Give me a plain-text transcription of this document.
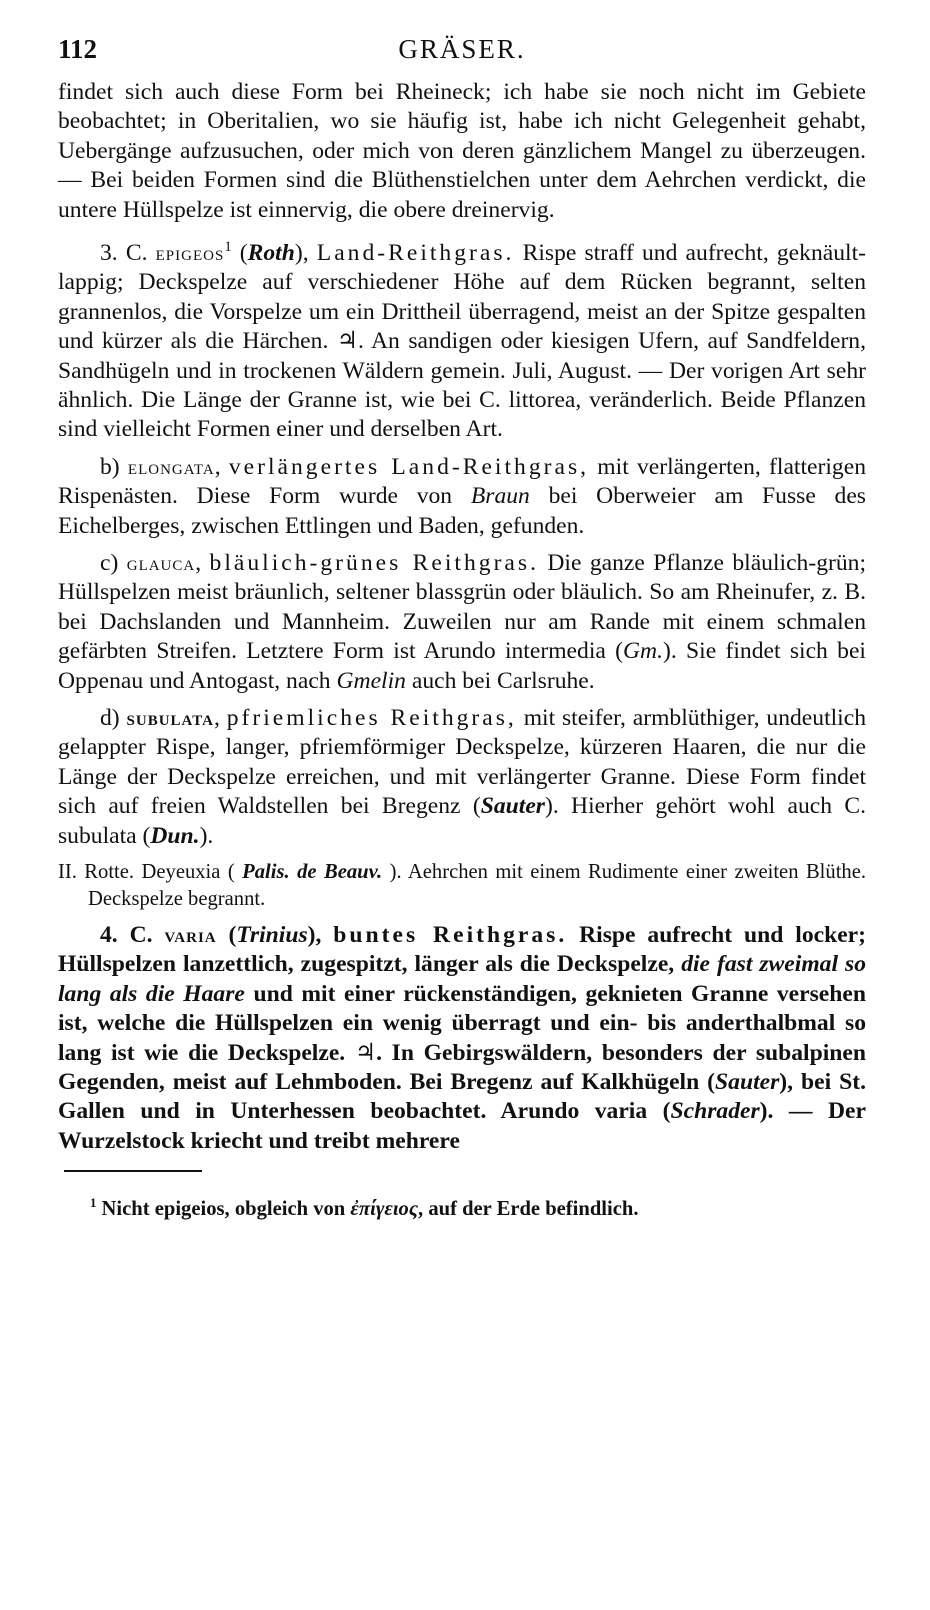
112	GRÄSER.

findet sich auch diese Form bei Rheineck; ich habe sie noch nicht im Gebiete beobachtet; in Oberitalien, wo sie häufig ist, habe ich nicht Gelegenheit gehabt, Uebergänge aufzusuchen, oder mich von deren gänzlichem Mangel zu überzeugen. — Bei beiden Formen sind die Blüthenstielchen unter dem Aehrchen verdickt, die untere Hüllspelze ist einnervig, die obere dreinervig.

3. C. epigeos$^1$ (Roth), Land-Reithgras. Rispe straff und aufrecht, geknäult-lappig; Deckspelze auf verschiedener Höhe auf dem Rücken begrannt, selten grannenlos, die Vorspelze um ein Drittheil überragend, meist an der Spitze gespalten und kürzer als die Härchen. ♃. An sandigen oder kiesigen Ufern, auf Sandfeldern, Sandhügeln und in trockenen Wäldern gemein. Juli, August. — Der vorigen Art sehr ähnlich. Die Länge der Granne ist, wie bei C. littorea, veränderlich. Beide Pflanzen sind vielleicht Formen einer und derselben Art.

b) elongata, verlängertes Land-Reithgras, mit verlängerten, flatterigen Rispenästen. Diese Form wurde von Braun bei Oberweier am Fusse des Eichelberges, zwischen Ettlingen und Baden, gefunden.

c) glauca, bläulich-grünes Reithgras. Die ganze Pflanze bläulich-grün; Hüllspelzen meist bräunlich, seltener blassgrün oder bläulich. So am Rheinufer, z. B. bei Dachslanden und Mannheim. Zuweilen nur am Rande mit einem schmalen gefärbten Streifen. Letztere Form ist Arundo intermedia (Gm.). Sie findet sich bei Oppenau und Antogast, nach Gmelin auch bei Carlsruhe.

d) subulata, pfriemliches Reithgras, mit steifer, armblüthiger, undeutlich gelappter Rispe, langer, pfriemförmiger Deckspelze, kürzeren Haaren, die nur die Länge der Deckspelze erreichen, und mit verlängerter Granne. Diese Form findet sich auf freien Waldstellen bei Bregenz (Sauter). Hierher gehört wohl auch C. subulata (Dun.).

II. Rotte. Deyeuxia ( Palis. de Beauv. ). Aehrchen mit einem Rudimente einer zweiten Blüthe. Deckspelze begrannt.

4. C. varia (Trinius), buntes Reithgras. Rispe aufrecht und locker; Hüllspelzen lanzettlich, zugespitzt, länger als die Deckspelze, die fast zweimal so lang als die Haare und mit einer rückenständigen, geknieten Granne versehen ist, welche die Hüllspelzen ein wenig überragt und ein- bis anderthalbmal so lang ist wie die Deckspelze. ♃. In Gebirgswäldern, besonders der subalpinen Gegenden, meist auf Lehmboden. Bei Bregenz auf Kalkhügeln (Sauter), bei St. Gallen und in Unterhessen beobachtet. Arundo varia (Schrader). — Der Wurzelstock kriecht und treibt mehrere

$^1$ Nicht epigeios, obgleich von ἐπίγειος, auf der Erde befindlich.
